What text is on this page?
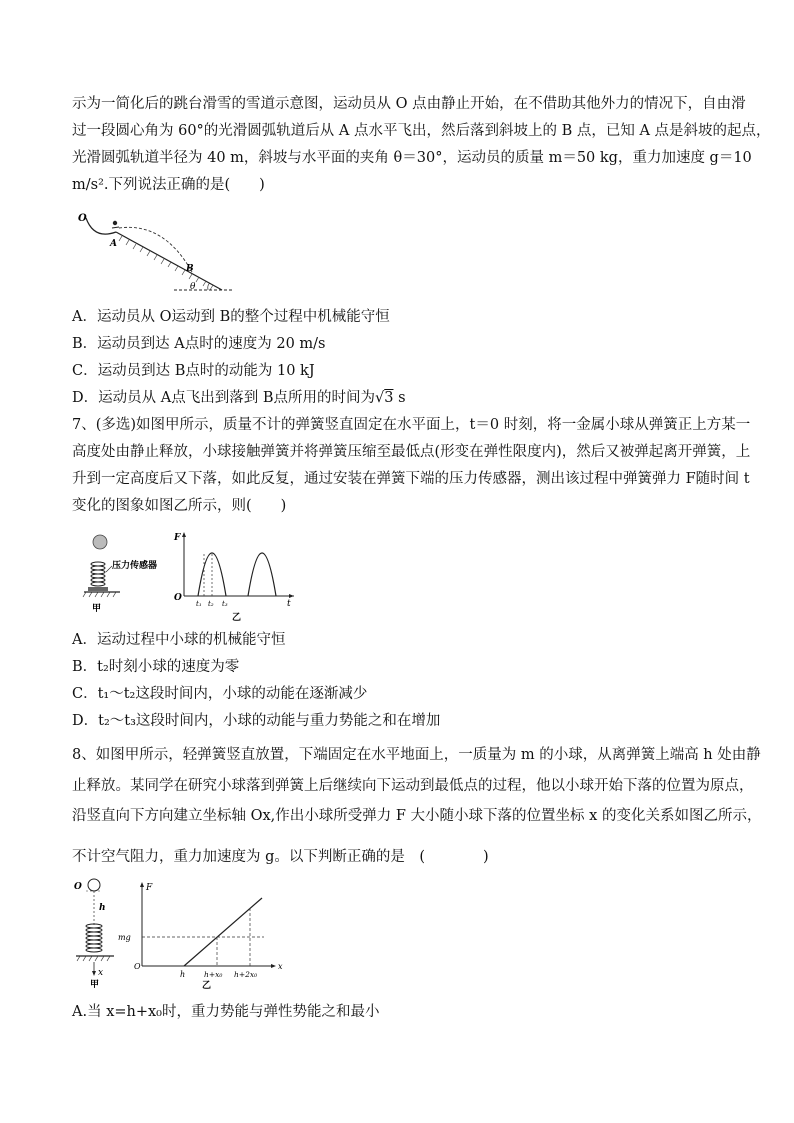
示为一简化后的跳台滑雪的雪道示意图，运动员从 O 点由静止开始，在不借助其他外力的情况下，自由滑
过一段圆心角为 60°的光滑圆弧轨道后从 A 点水平飞出，然后落到斜坡上的 B 点，已知 A 点是斜坡的起点，
光滑圆弧轨道半径为 40 m，斜坡与水平面的夹角 θ＝30°，运动员的质量 m＝50 kg，重力加速度 g＝10
m/s².下列说法正确的是(　　)
O
A
B
θ
A．运动员从 O运动到 B的整个过程中机械能守恒
B．运动员到达 A点时的速度为 20 m/s
C．运动员到达 B点时的动能为 10 kJ
D．运动员从 A点飞出到落到 B点所用的时间为√3 s
7、(多选)如图甲所示，质量不计的弹簧竖直固定在水平面上，t＝0 时刻，将一金属小球从弹簧正上方某一
高度处由静止释放，小球接触弹簧并将弹簧压缩至最低点(形变在弹性限度内)，然后又被弹起离开弹簧，上
升到一定高度后又下落，如此反复，通过安装在弹簧下端的压力传感器，测出该过程中弹簧弹力 F随时间 t
变化的图象如图乙所示，则(　　)
压力传感器
甲
F
O
t
t₁ t₂ t₃
乙
A．运动过程中小球的机械能守恒
B．t₂时刻小球的速度为零
C．t₁～t₂这段时间内，小球的动能在逐渐减少
D．t₂～t₃这段时间内，小球的动能与重力势能之和在增加
8、如图甲所示，轻弹簧竖直放置，下端固定在水平地面上，一质量为 m 的小球，从离弹簧上端高 h 处由静
止释放。某同学在研究小球落到弹簧上后继续向下运动到最低点的过程，他以小球开始下落的位置为原点，
沿竖直向下方向建立坐标轴 Ox,作出小球所受弹力 F 大小随小球下落的位置坐标 x 的变化关系如图乙所示，
不计空气阻力，重力加速度为 g。以下判断正确的是　(　　　　)
O
h
x
甲
F
O	x
mg
h	h+x₀ h+2x₀
乙
A.当 x=h+x₀时，重力势能与弹性势能之和最小
